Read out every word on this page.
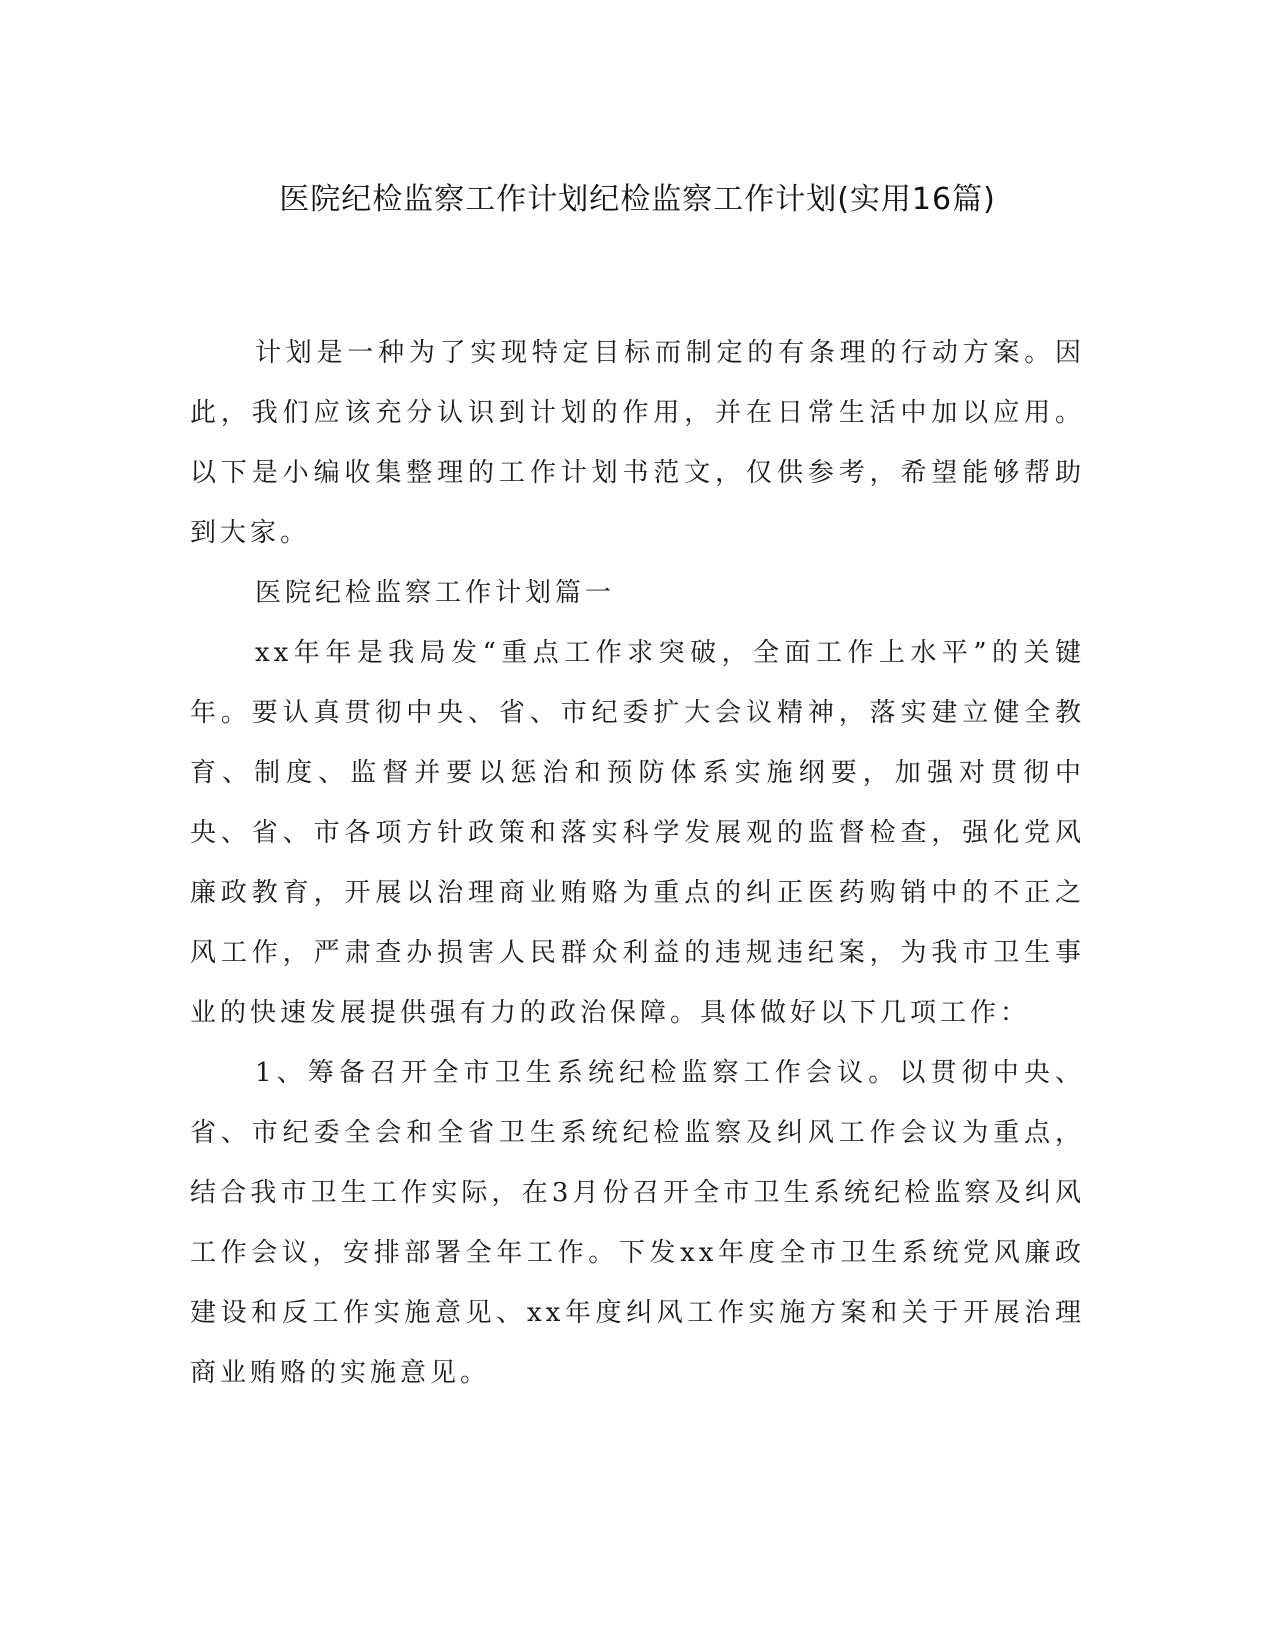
医院纪检监察工作计划纪检监察工作计划(实用16篇)

计划是一种为了实现特定目标而制定的有条理的行动方案。因此，我们应该充分认识到计划的作用，并在日常生活中加以应用。以下是小编收集整理的工作计划书范文，仅供参考，希望能够帮助到大家。

医院纪检监察工作计划篇一

xx年年是我局发“重点工作求突破，全面工作上水平”的关键年。要认真贯彻中央、省、市纪委扩大会议精神，落实建立健全教育、制度、监督并要以惩治和预防体系实施纲要，加强对贯彻中央、省、市各项方针政策和落实科学发展观的监督检查，强化党风廉政教育，开展以治理商业贿赂为重点的纠正医药购销中的不正之风工作，严肃查办损害人民群众利益的违规违纪案，为我市卫生事业的快速发展提供强有力的政治保障。具体做好以下几项工作：

1、筹备召开全市卫生系统纪检监察工作会议。以贯彻中央、省、市纪委全会和全省卫生系统纪检监察及纠风工作会议为重点，结合我市卫生工作实际，在3月份召开全市卫生系统纪检监察及纠风工作会议，安排部署全年工作。下发xx年度全市卫生系统党风廉政建设和反工作实施意见、xx年度纠风工作实施方案和关于开展治理商业贿赂的实施意见。
